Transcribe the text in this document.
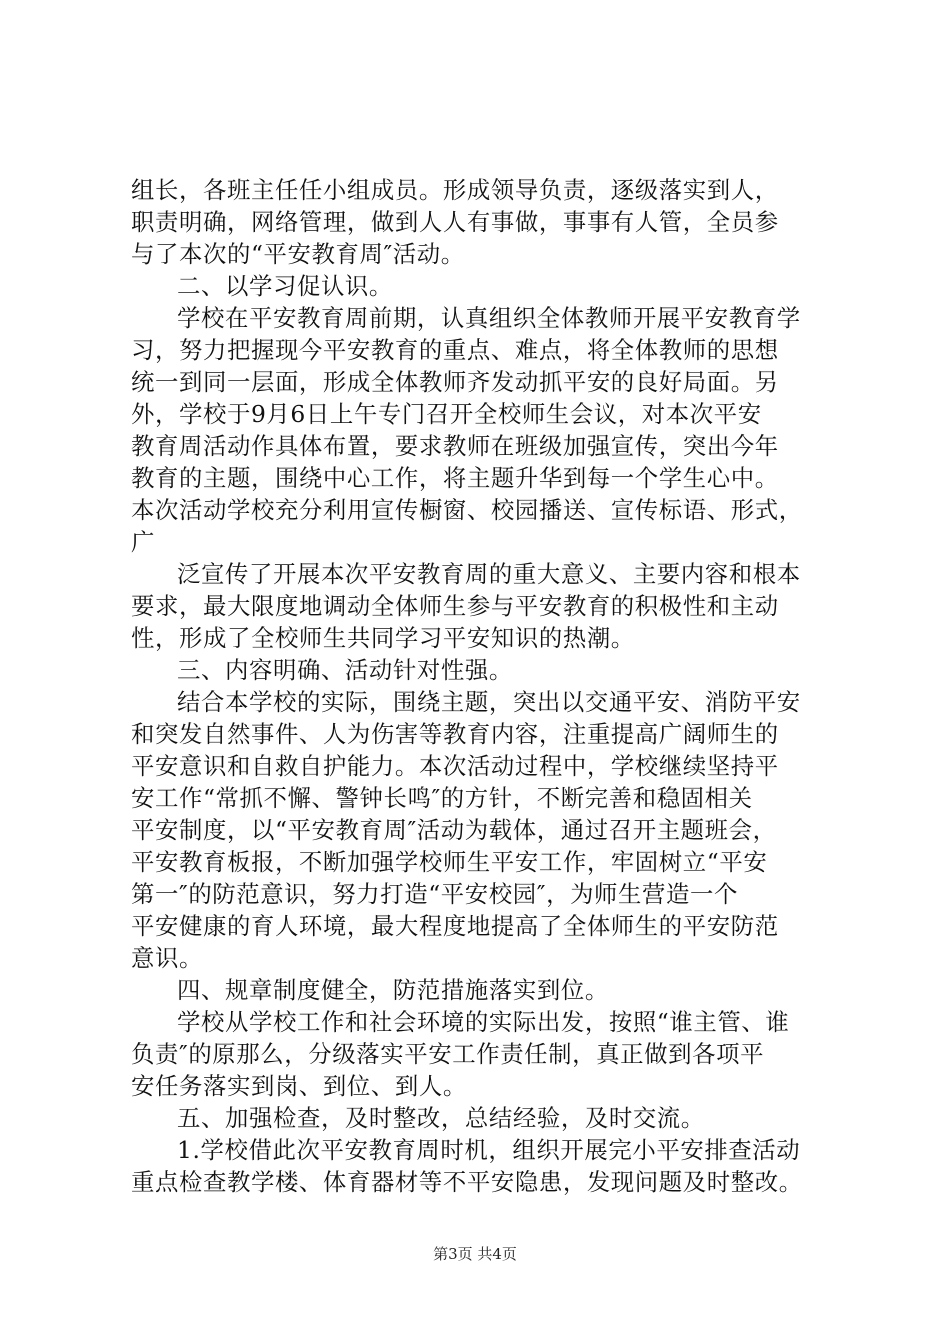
组长，各班主任任小组成员。形成领导负责，逐级落实到人，
职责明确，网络管理，做到人人有事做，事事有人管，全员参
与了本次的“平安教育周″活动。
二、以学习促认识。
学校在平安教育周前期，认真组织全体教师开展平安教育学
习，努力把握现今平安教育的重点、难点，将全体教师的思想
统一到同一层面，形成全体教师齐发动抓平安的良好局面。另
外，学校于9月6日上午专门召开全校师生会议，对本次平安
教育周活动作具体布置，要求教师在班级加强宣传，突出今年
教育的主题，围绕中心工作，将主题升华到每一个学生心中。
本次活动学校充分利用宣传橱窗、校园播送、宣传标语、形式，
广
泛宣传了开展本次平安教育周的重大意义、主要内容和根本
要求，最大限度地调动全体师生参与平安教育的积极性和主动
性，形成了全校师生共同学习平安知识的热潮。
三、内容明确、活动针对性强。
结合本学校的实际，围绕主题，突出以交通平安、消防平安
和突发自然事件、人为伤害等教育内容，注重提高广阔师生的
平安意识和自救自护能力。本次活动过程中，学校继续坚持平
安工作“常抓不懈、警钟长鸣″的方针，不断完善和稳固相关
平安制度，以“平安教育周″活动为载体，通过召开主题班会，
平安教育板报，不断加强学校师生平安工作，牢固树立“平安
第一″的防范意识，努力打造“平安校园″，为师生营造一个
平安健康的育人环境，最大程度地提高了全体师生的平安防范
意识。
四、规章制度健全，防范措施落实到位。
学校从学校工作和社会环境的实际出发，按照“谁主管、谁
负责″的原那么，分级落实平安工作责任制，真正做到各项平
安任务落实到岗、到位、到人。
五、加强检查，及时整改，总结经验，及时交流。
1.学校借此次平安教育周时机，组织开展完小平安排查活动
重点检查教学楼、体育器材等不平安隐患，发现问题及时整改。
第3页 共4页
